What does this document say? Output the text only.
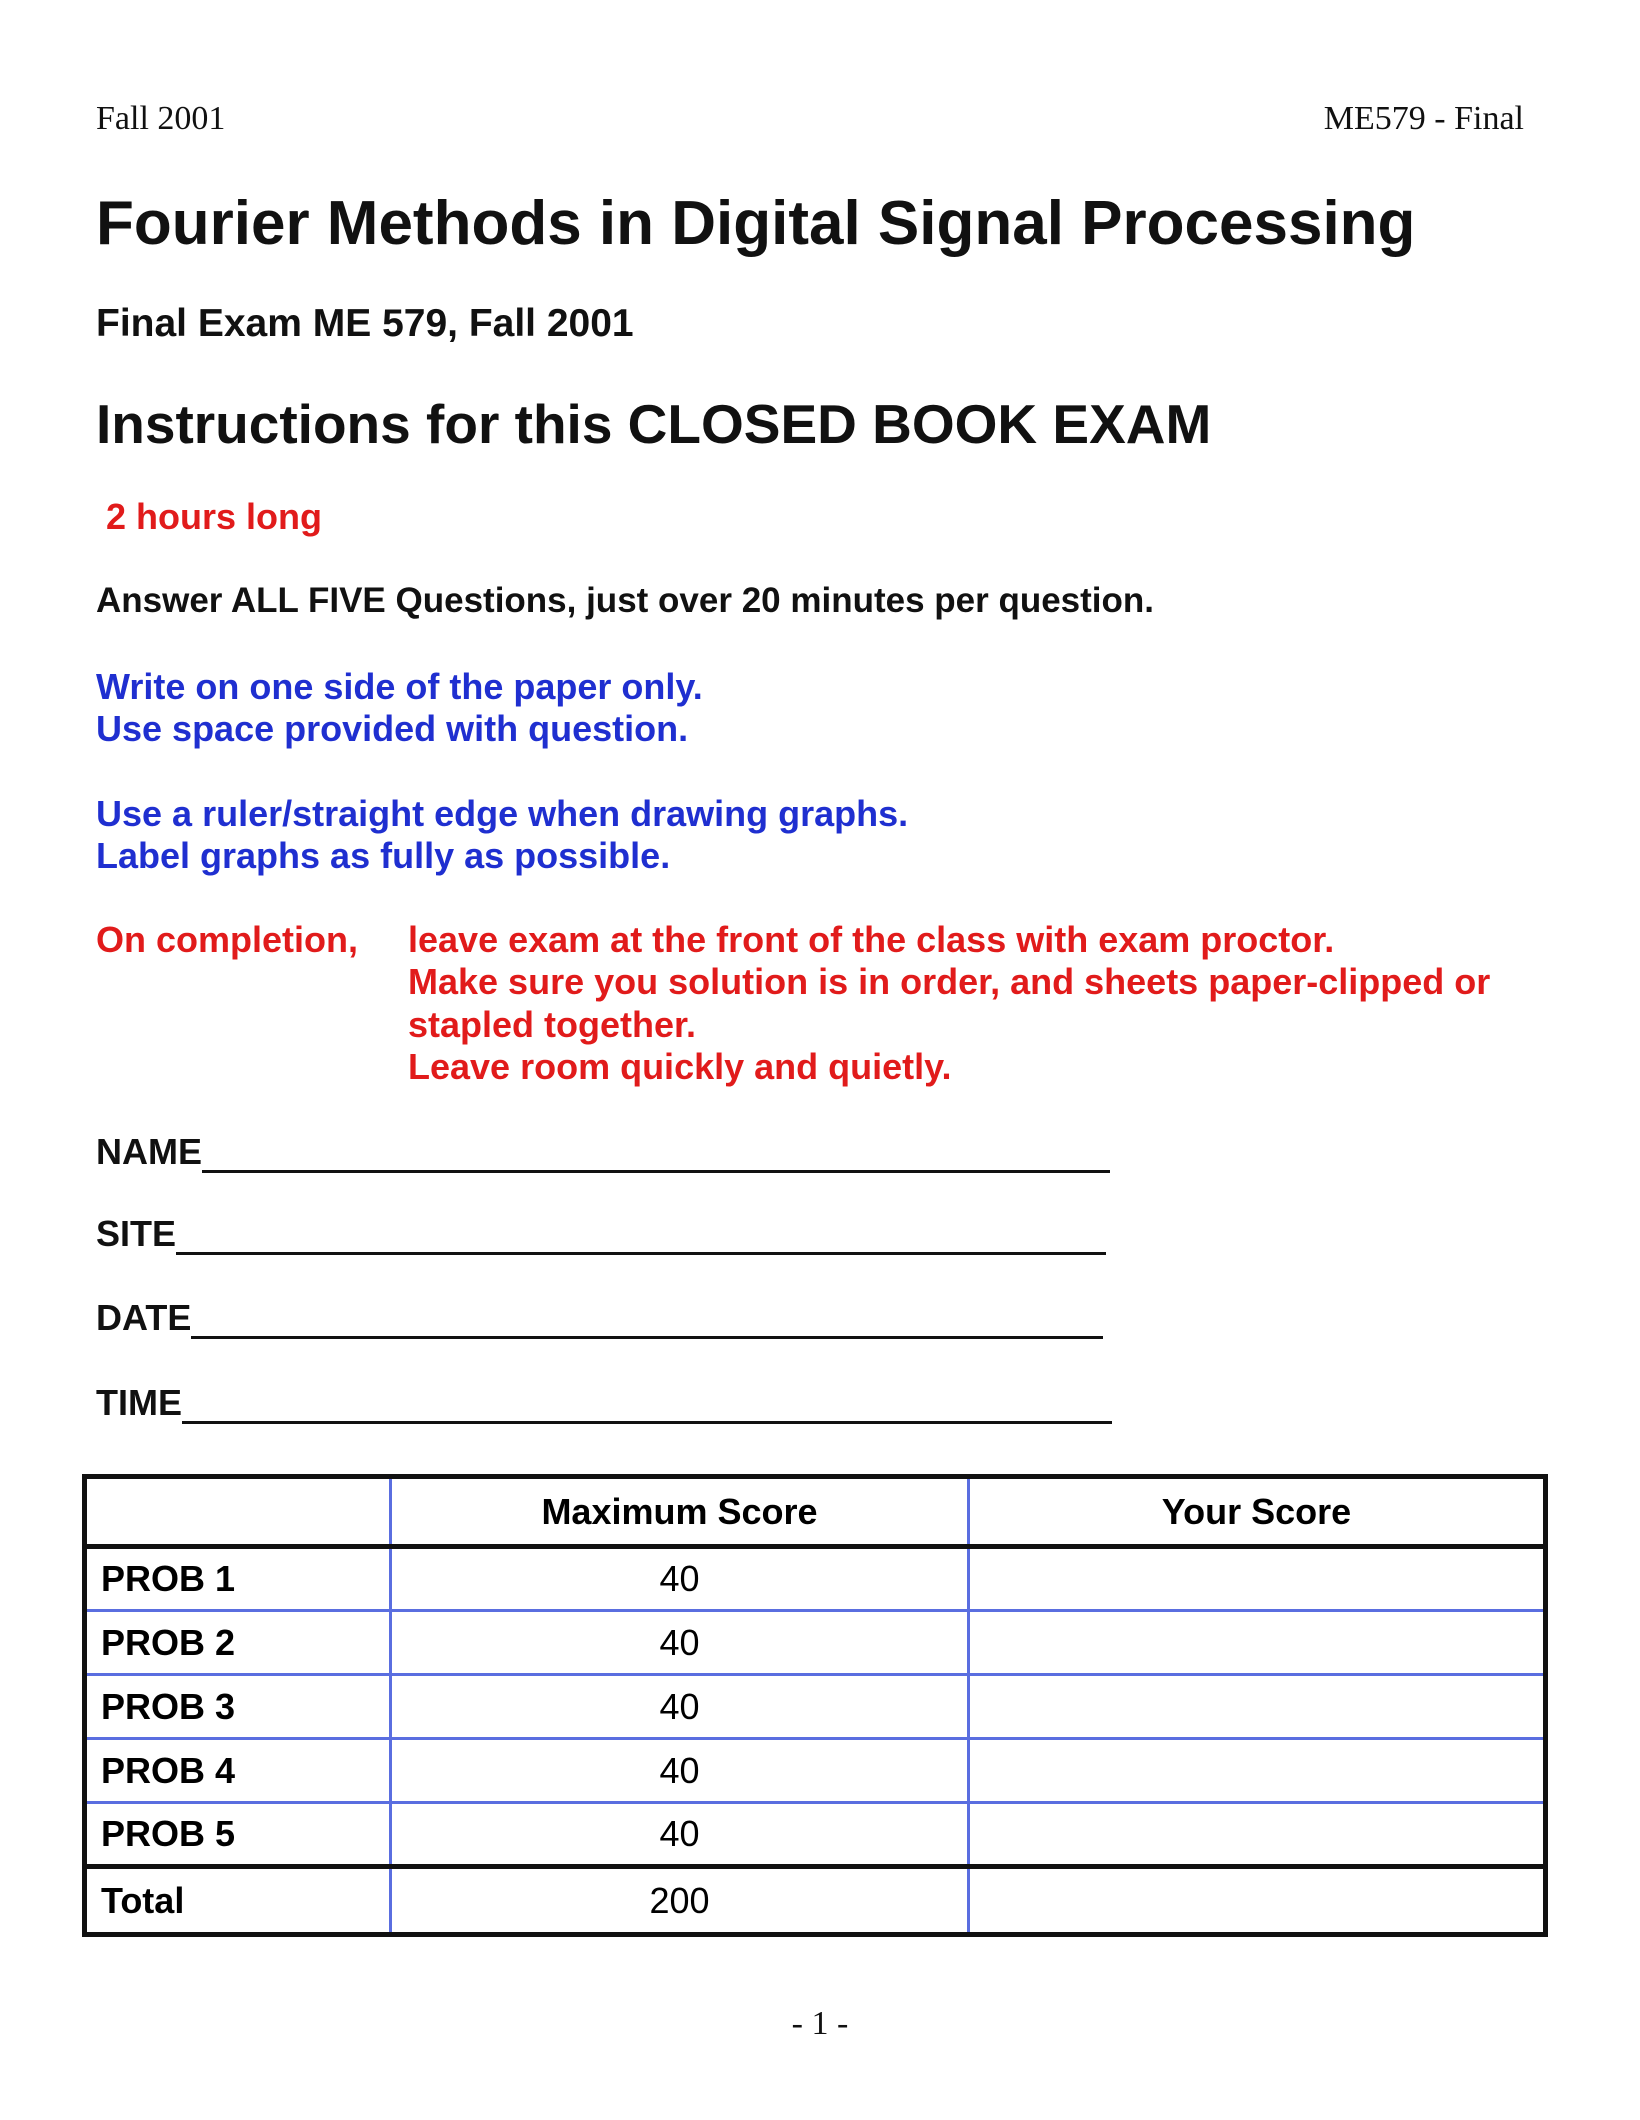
Fall 2001	ME579 - Final
Fourier Methods in Digital Signal Processing
Final Exam ME 579, Fall 2001
Instructions for this CLOSED BOOK EXAM
2 hours long
Answer ALL FIVE Questions, just over 20 minutes per question.
Write on one side of the paper only.
Use space provided with question.
Use a ruler/straight edge when drawing graphs.
Label graphs as fully as possible.
On completion, leave exam at the front of the class with exam proctor.
Make sure you solution is in order, and sheets paper-clipped or
stapled together.
Leave room quickly and quietly.
NAME
SITE
DATE
TIME
	Maximum Score	Your Score
PROB 1	40	
PROB 2	40	
PROB 3	40	
PROB 4	40	
PROB 5	40	
Total	200	
- 1 -
